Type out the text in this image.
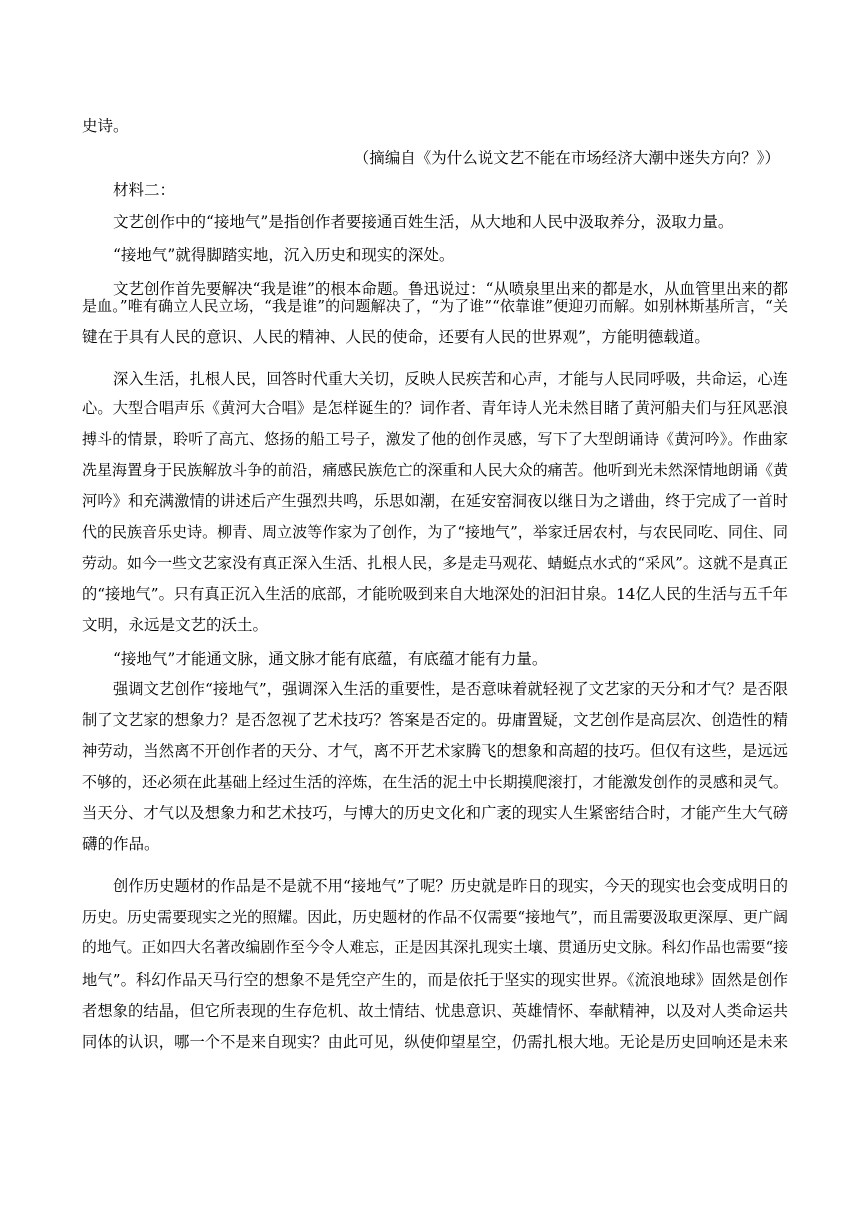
史诗。
（摘编自《为什么说文艺不能在市场经济大潮中迷失方向？》）
材料二：
文艺创作中的“接地气”是指创作者要接通百姓生活，从大地和人民中汲取养分，汲取力量。
“接地气”就得脚踏实地，沉入历史和现实的深处。
文艺创作首先要解决“我是谁”的根本命题。鲁迅说过：“从喷泉里出来的都是水，从血管里出来的都
是血。”唯有确立人民立场，“我是谁”的问题解决了，“为了谁”“依靠谁”便迎刃而解。如别林斯基所言，“关
键在于具有人民的意识、人民的精神、人民的使命，还要有人民的世界观”，方能明德载道。
深入生活，扎根人民，回答时代重大关切，反映人民疾苦和心声，才能与人民同呼吸，共命运，心连
心。大型合唱声乐《黄河大合唱》是怎样诞生的？词作者、青年诗人光未然目睹了黄河船夫们与狂风恶浪
搏斗的情景，聆听了高亢、悠扬的船工号子，激发了他的创作灵感，写下了大型朗诵诗《黄河吟》。作曲家
冼星海置身于民族解放斗争的前沿，痛感民族危亡的深重和人民大众的痛苦。他听到光未然深情地朗诵《黄
河吟》和充满激情的讲述后产生强烈共鸣，乐思如潮，在延安窑洞夜以继日为之谱曲，终于完成了一首时
代的民族音乐史诗。柳青、周立波等作家为了创作，为了“接地气”，举家迁居农村，与农民同吃、同住、同
劳动。如今一些文艺家没有真正深入生活、扎根人民，多是走马观花、蜻蜓点水式的“采风”。这就不是真正
的“接地气”。只有真正沉入生活的底部，才能吮吸到来自大地深处的汩汩甘泉。14亿人民的生活与五千年
文明，永远是文艺的沃土。
“接地气”才能通文脉，通文脉才能有底蕴，有底蕴才能有力量。
强调文艺创作“接地气”，强调深入生活的重要性，是否意味着就轻视了文艺家的天分和才气？是否限
制了文艺家的想象力？是否忽视了艺术技巧？答案是否定的。毋庸置疑，文艺创作是高层次、创造性的精
神劳动，当然离不开创作者的天分、才气，离不开艺术家腾飞的想象和高超的技巧。但仅有这些，是远远
不够的，还必须在此基础上经过生活的淬炼，在生活的泥土中长期摸爬滚打，才能激发创作的灵感和灵气。
当天分、才气以及想象力和艺术技巧，与博大的历史文化和广袤的现实人生紧密结合时，才能产生大气磅
礴的作品。
创作历史题材的作品是不是就不用“接地气”了呢？历史就是昨日的现实，今天的现实也会变成明日的
历史。历史需要现实之光的照耀。因此，历史题材的作品不仅需要“接地气”，而且需要汲取更深厚、更广阔
的地气。正如四大名著改编剧作至今令人难忘，正是因其深扎现实土壤、贯通历史文脉。科幻作品也需要“接
地气”。科幻作品天马行空的想象不是凭空产生的，而是依托于坚实的现实世界。《流浪地球》固然是创作
者想象的结晶，但它所表现的生存危机、故土情结、忧患意识、英雄情怀、奉献精神，以及对人类命运共
同体的认识，哪一个不是来自现实？由此可见，纵使仰望星空，仍需扎根大地。无论是历史回响还是未来
